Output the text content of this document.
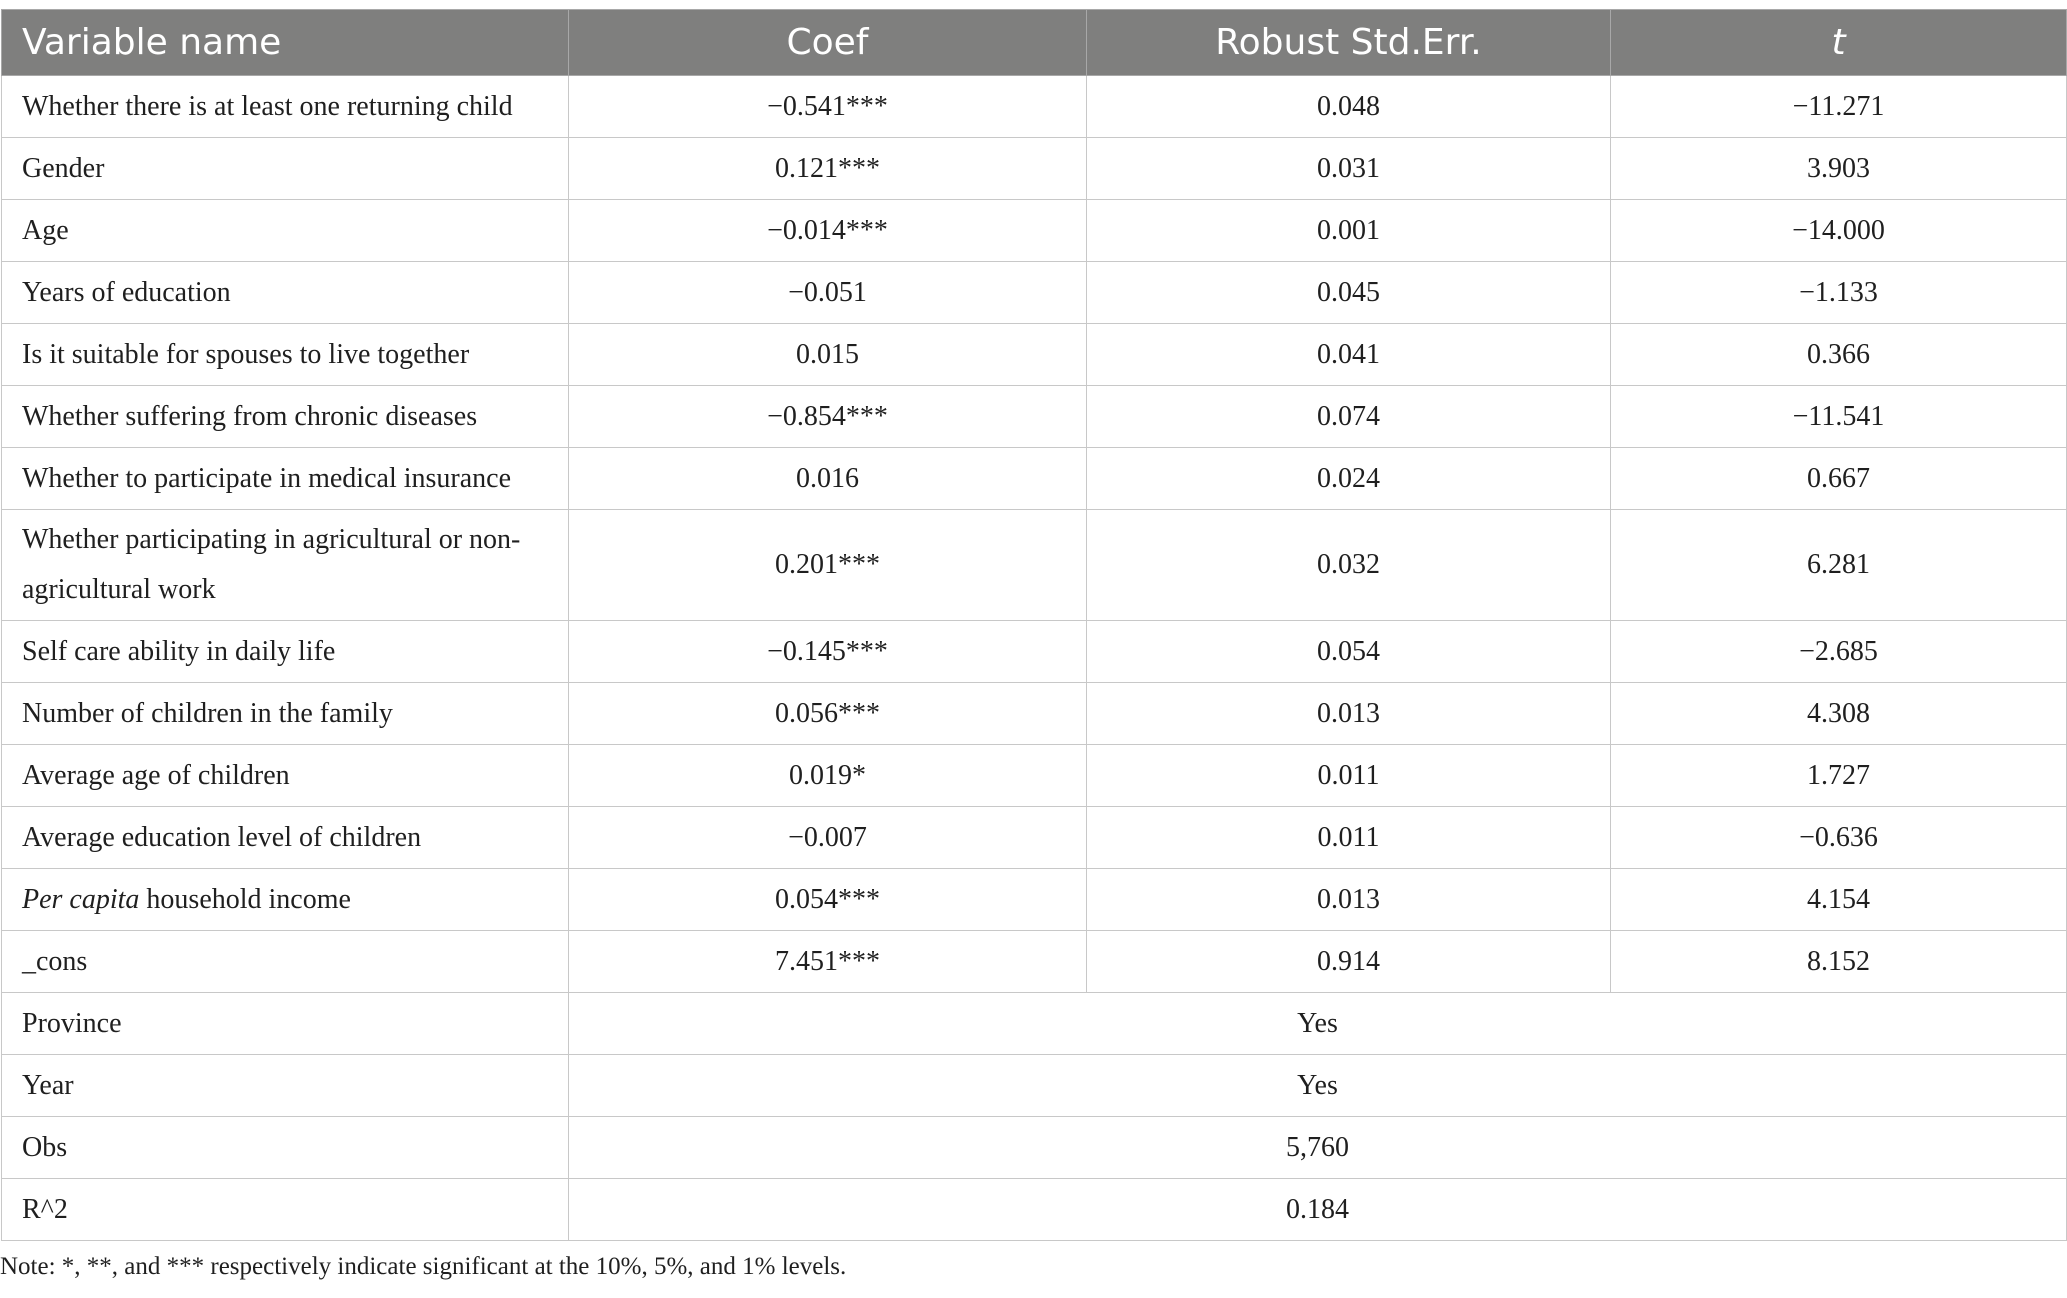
Variable name	Coef	Robust Std.Err.	t
Whether there is at least one returning child	−0.541***	0.048	−11.271
Gender	0.121***	0.031	3.903
Age	−0.014***	0.001	−14.000
Years of education	−0.051	0.045	−1.133
Is it suitable for spouses to live together	0.015	0.041	0.366
Whether suffering from chronic diseases	−0.854***	0.074	−11.541
Whether to participate in medical insurance	0.016	0.024	0.667
Whether participating in agricultural or non-agricultural work	0.201***	0.032	6.281
Self care ability in daily life	−0.145***	0.054	−2.685
Number of children in the family	0.056***	0.013	4.308
Average age of children	0.019*	0.011	1.727
Average education level of children	−0.007	0.011	−0.636
Per capita household income	0.054***	0.013	4.154
_cons	7.451***	0.914	8.152
Province	Yes		
Year	Yes		
Obs	5,760		
R^2	0.184		
Note: *, **, and *** respectively indicate significant at the 10%, 5%, and 1% levels.
